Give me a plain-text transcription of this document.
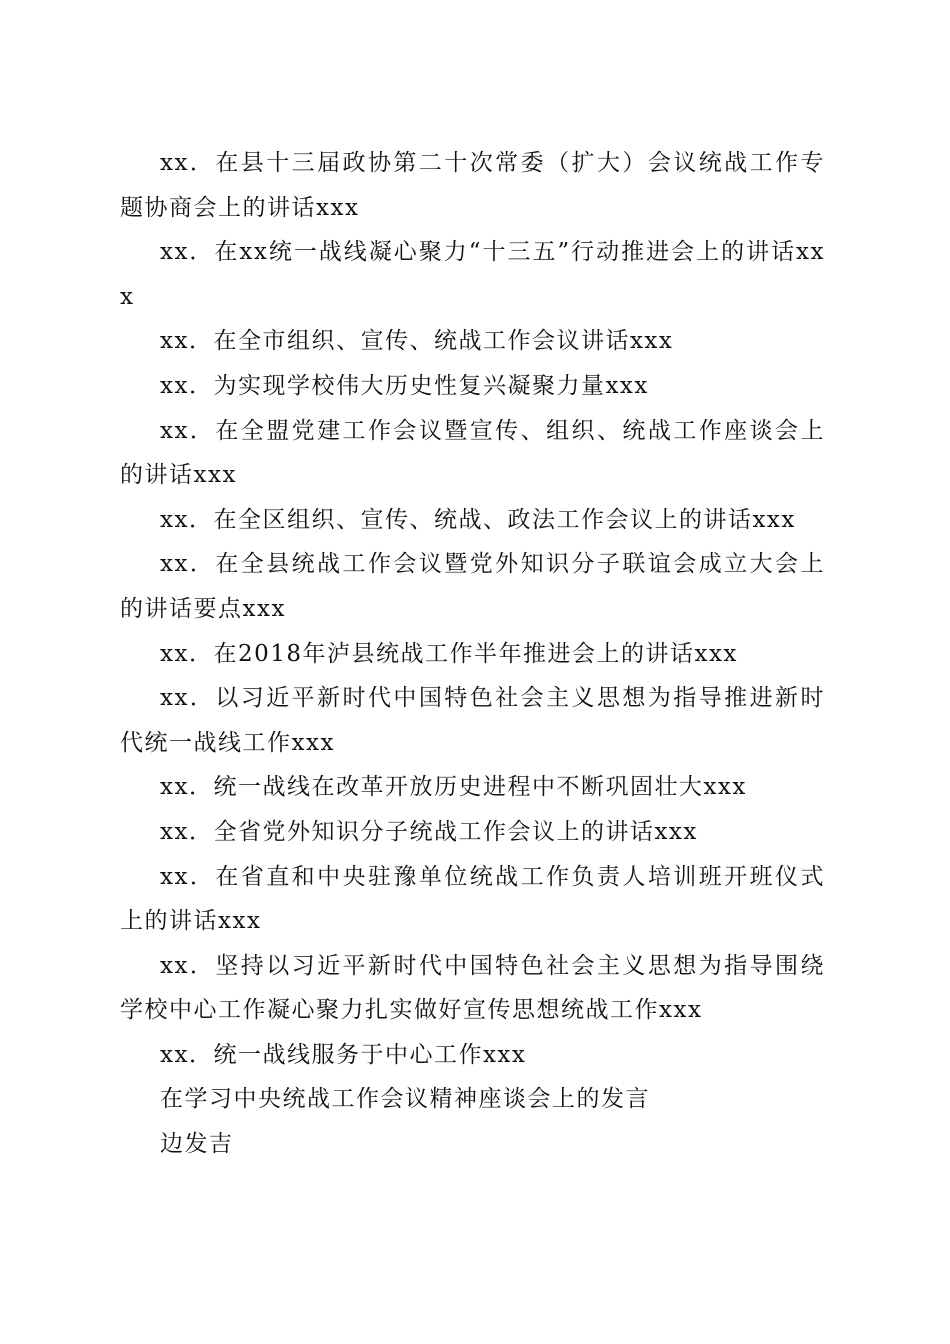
xx．在县十三届政协第二十次常委（扩大）会议统战工作专题协商会上的讲话xxx

xx．在xx统一战线凝心聚力“十三五”行动推进会上的讲话xxx

xx．在全市组织、宣传、统战工作会议讲话xxx

xx．为实现学校伟大历史性复兴凝聚力量xxx

xx．在全盟党建工作会议暨宣传、组织、统战工作座谈会上的讲话xxx

xx．在全区组织、宣传、统战、政法工作会议上的讲话xxx

xx．在全县统战工作会议暨党外知识分子联谊会成立大会上的讲话要点xxx

xx．在2018年泸县统战工作半年推进会上的讲话xxx

xx．以习近平新时代中国特色社会主义思想为指导推进新时代统一战线工作xxx

xx．统一战线在改革开放历史进程中不断巩固壮大xxx

xx．全省党外知识分子统战工作会议上的讲话xxx

xx．在省直和中央驻豫单位统战工作负责人培训班开班仪式上的讲话xxx

xx．坚持以习近平新时代中国特色社会主义思想为指导围绕学校中心工作凝心聚力扎实做好宣传思想统战工作xxx

xx．统一战线服务于中心工作xxx

在学习中央统战工作会议精神座谈会上的发言

边发吉
